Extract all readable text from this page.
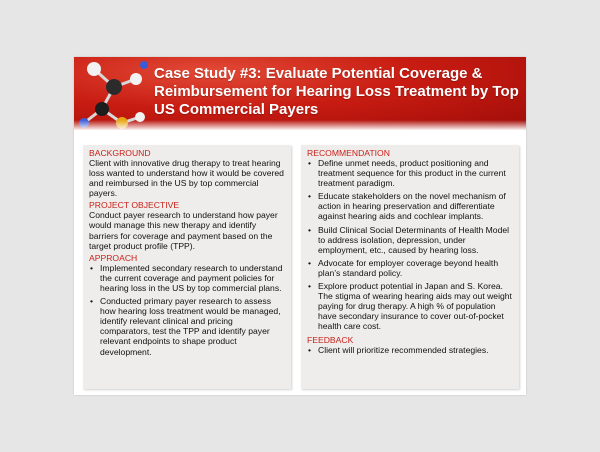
Case Study #3: Evaluate Potential Coverage & Reimbursement for Hearing Loss Treatment by Top US Commercial Payers
BACKGROUND

Client with innovative drug therapy to treat hearing loss wanted to understand how it would be covered and reimbursed in the US by top commercial payers.

PROJECT OBJECTIVE

Conduct payer research to understand how payer would manage this new therapy and identify barriers for coverage and payment based on the target product profile (TPP).

APPROACH
• Implemented secondary research to understand the current coverage and payment policies for hearing loss in the US by top commercial plans.
• Conducted primary payer research to assess how hearing loss treatment would be managed, identify relevant clinical and pricing comparators, test the TPP and identify payer relevant endpoints to shape product development.
RECOMMENDATION
• Define unmet needs, product positioning and treatment sequence for this product in the current treatment paradigm.
• Educate stakeholders on the novel mechanism of action in hearing preservation and differentiate against hearing aids and cochlear implants.
• Build Clinical Social Determinants of Health Model to address isolation, depression, under employment, etc., caused by hearing loss.
• Advocate for employer coverage beyond health plan’s standard policy.
• Explore product potential in Japan and S. Korea. The stigma of wearing hearing aids may out weight paying for drug therapy. A high % of population have secondary insurance to cover out-of-pocket health care cost.
FEEDBACK
• Client will prioritize recommended strategies.
